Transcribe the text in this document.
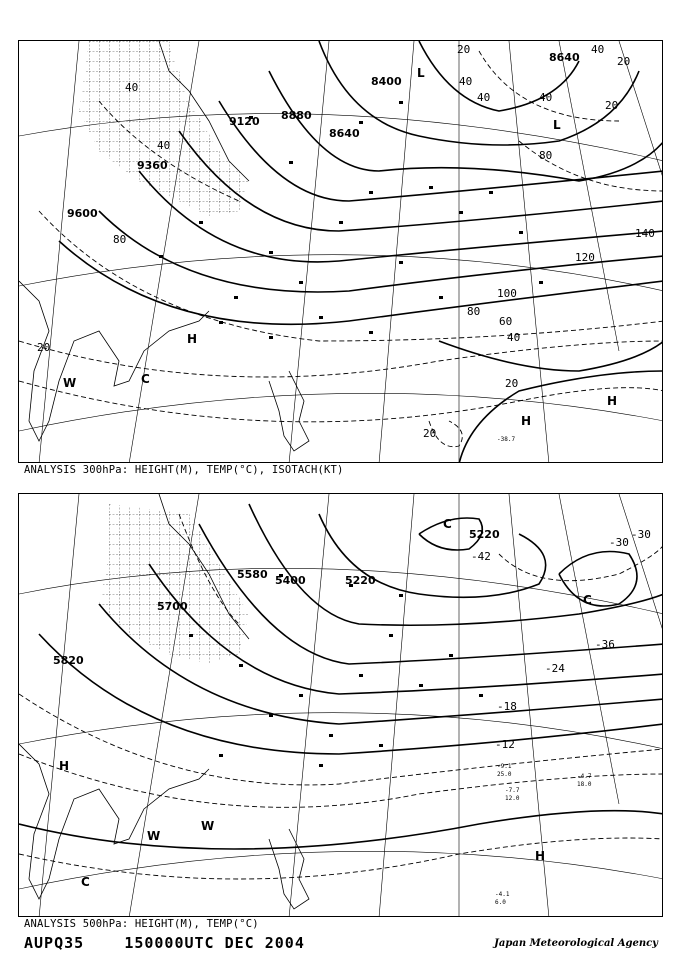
8400
8640
8880
9120
9360
9600
8640
20
40
40
40
80
80
120
140
100
80
60
40
20
20
20
40	40
20
40
20
L
L
H
H
H
W	C
-38.7
ANALYSIS 300hPa: HEIGHT(M), TEMP(°C), ISOTACH(KT)
5220
5220
5400
5580
5700
5820
-42
-36
-30
-24
-18
-12
-30
C
C
H
W
W
C
H
-9.1
25.0
-7.7
12.0
-4.7
18.0
-4.1
6.0
ANALYSIS 500hPa: HEIGHT(M), TEMP(°C)
AUPQ35	150000UTC DEC 2004	Japan Meteorological Agency
